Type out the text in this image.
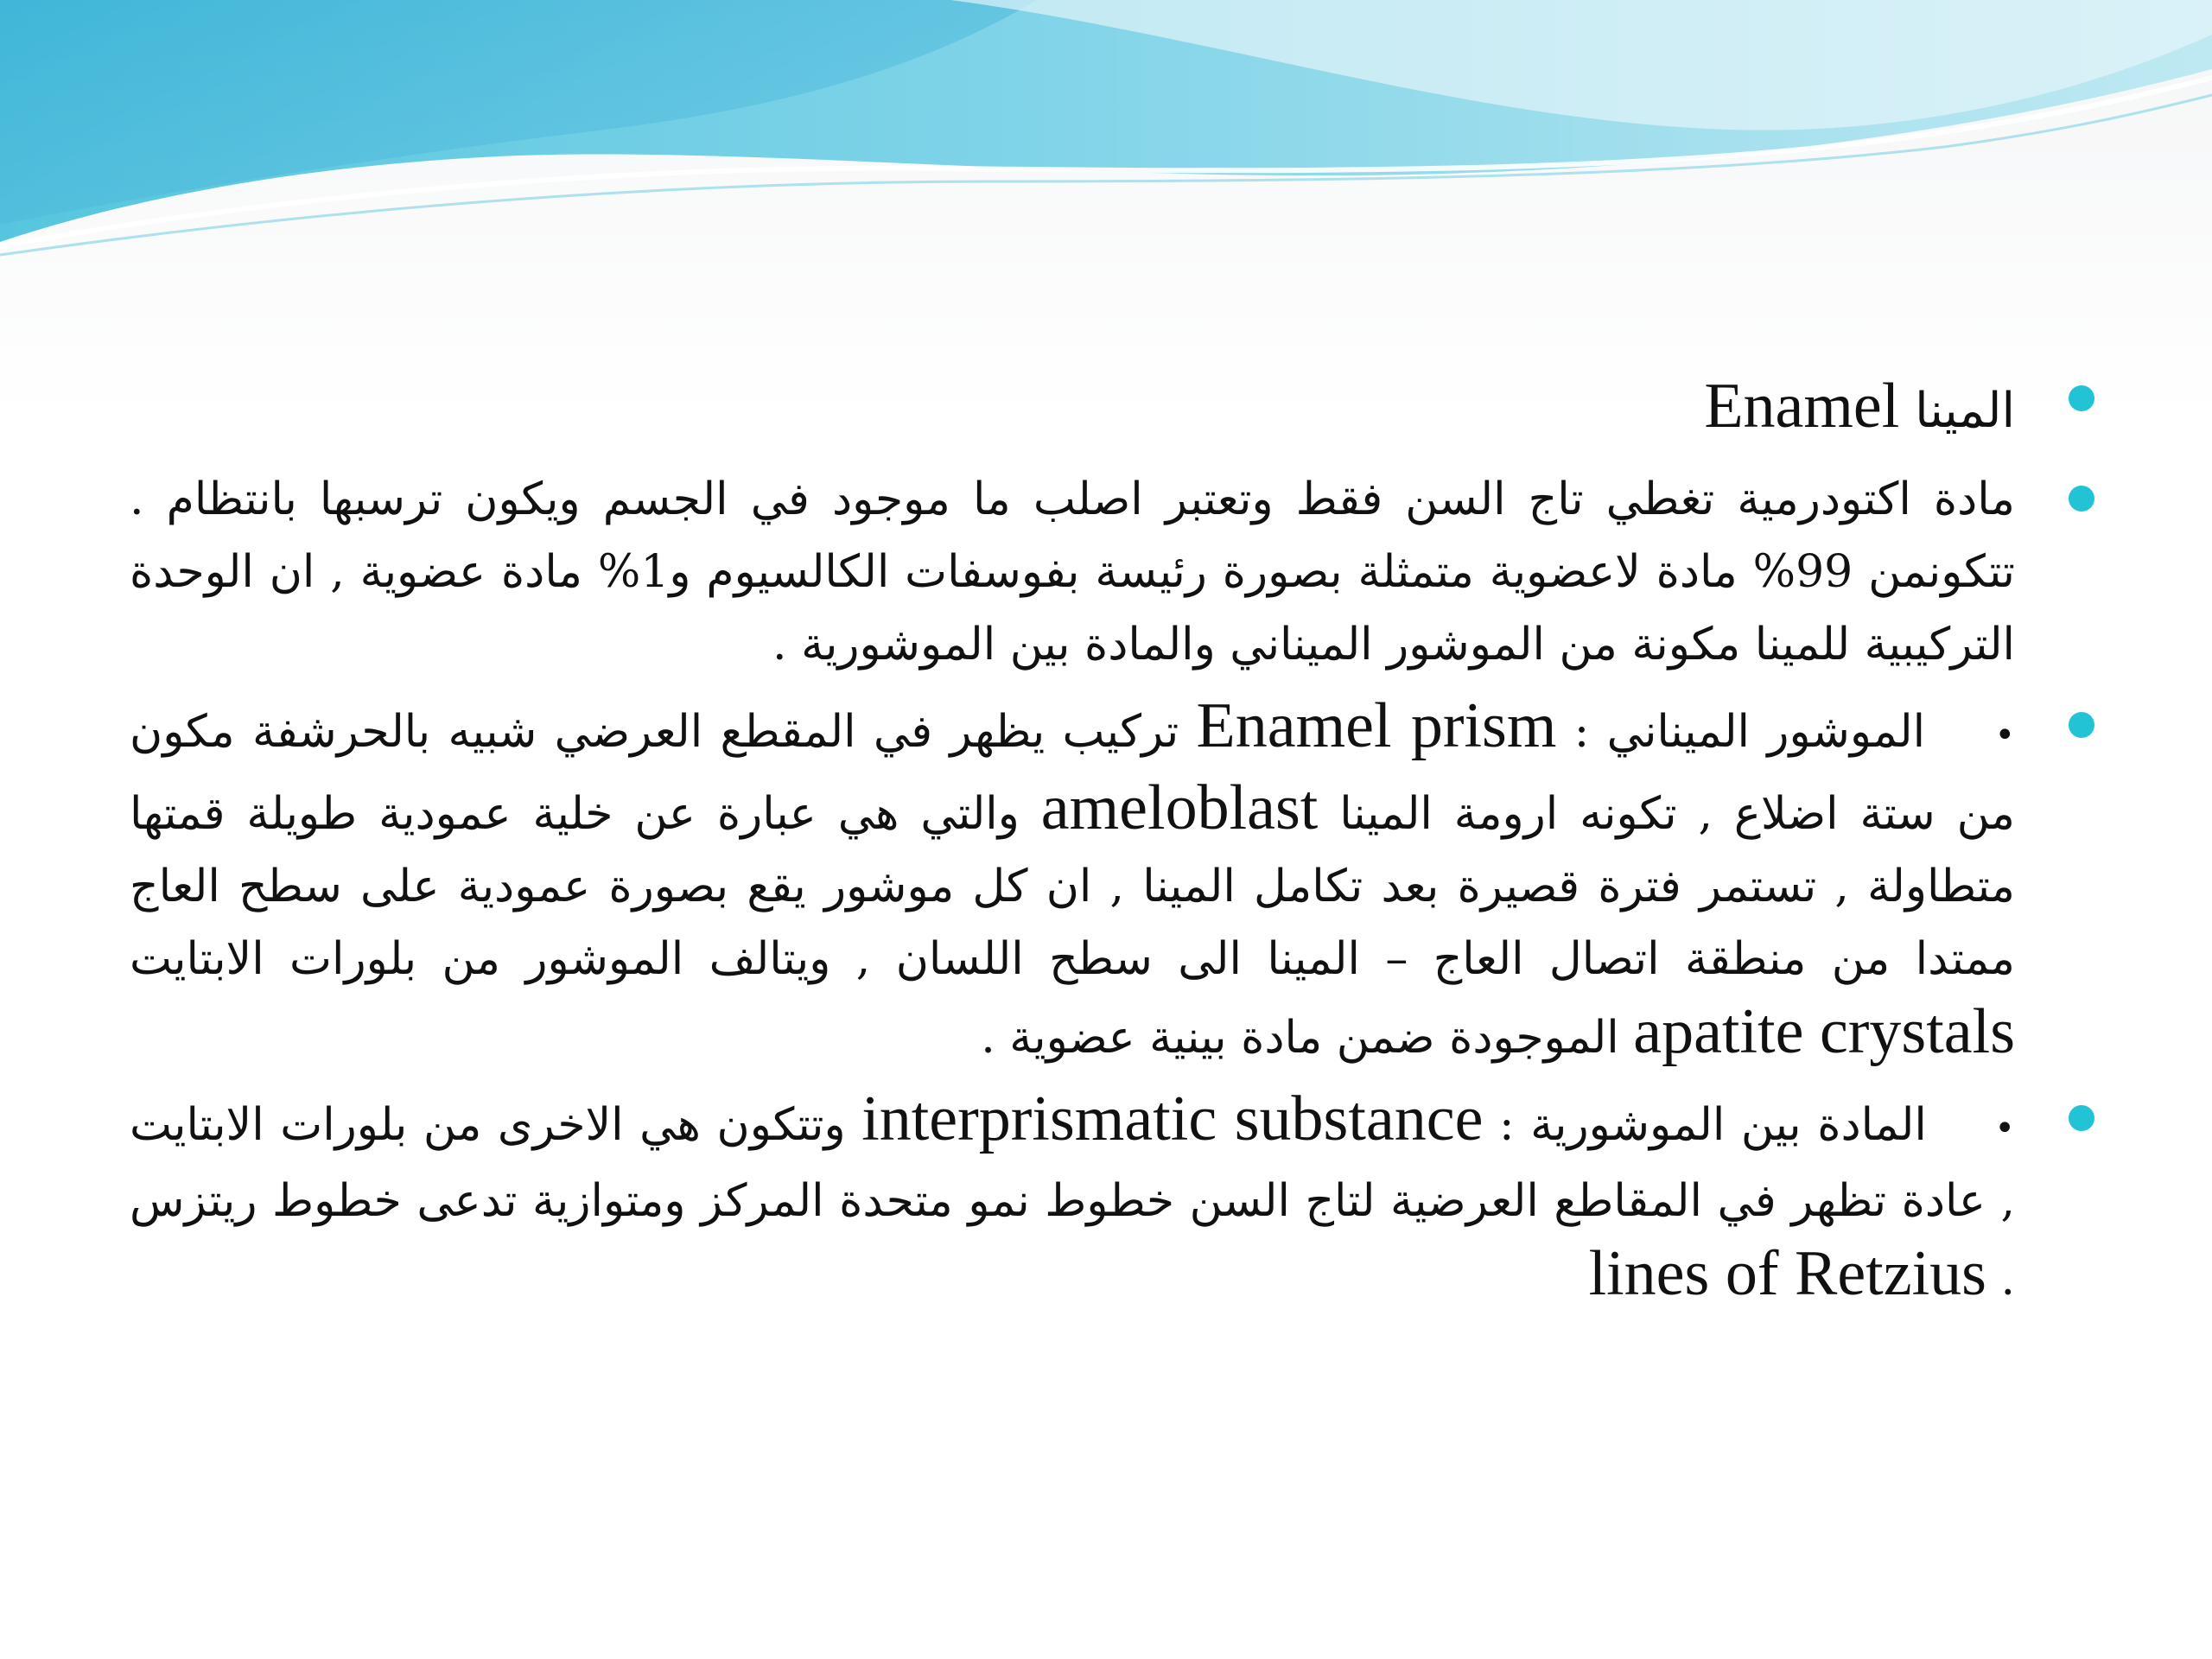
المينا Enamel
مادة اكتودرمية تغطي تاج السن فقط وتعتبر اصلب ما موجود في الجسم ويكون ترسبها بانتظام . تتكونمن 99% مادة لاعضوية متمثلة بصورة رئيسة بفوسفات الكالسيوم و1% مادة عضوية , ان الوحدة التركيبية للمينا مكونة من الموشور الميناني والمادة بين الموشورية .
• الموشور الميناني : Enamel prism تركيب يظهر في المقطع العرضي شبيه بالحرشفة مكون من ستة اضلاع , تكونه ارومة المينا ameloblast والتي هي عبارة عن خلية عمودية طويلة قمتها متطاولة , تستمر فترة قصيرة بعد تكامل المينا , ان كل موشور يقع بصورة عمودية على سطح العاج ممتدا من منطقة اتصال العاج – المينا الى سطح اللسان , ويتالف الموشور من بلورات الابتايت apatite crystals الموجودة ضمن مادة بينية عضوية .
• المادة بين الموشورية : interprismatic substance وتتكون هي الاخرى من بلورات الابتايت , عادة تظهر في المقاطع العرضية لتاج السن خطوط نمو متحدة المركز ومتوازية تدعى خطوط ريتزس . lines of Retzius
